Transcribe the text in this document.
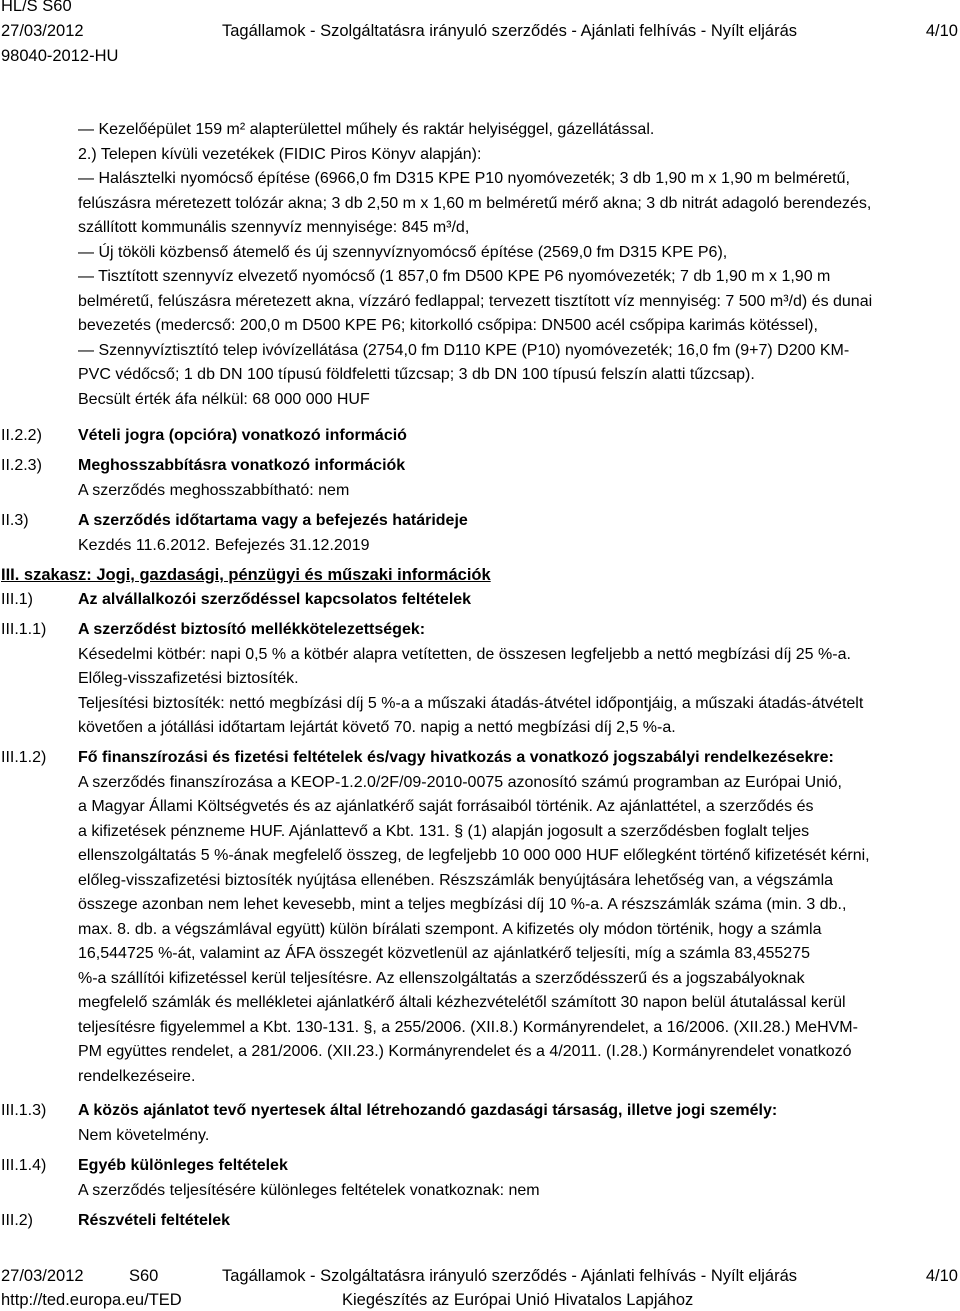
HL/S S60
27/03/2012	Tagállamok - Szolgáltatásra irányuló szerződés - Ajánlati felhívás - Nyílt eljárás	4/10
98040-2012-HU
— Kezelőépület 159 m² alapterülettel műhely és raktár helyiséggel, gázellátással.
2.) Telepen kívüli vezetékek (FIDIC Piros Könyv alapján):
— Halásztelki nyomócső építése (6966,0 fm D315 KPE P10 nyomóvezeték; 3 db 1,90 m x 1,90 m belméretű,
felúszásra méretezett tolózár akna; 3 db 2,50 m x 1,60 m belméretű mérő akna; 3 db nitrát adagoló berendezés,
szállított kommunális szennyvíz mennyisége: 845 m³/d,
— Új tököli közbenső átemelő és új szennyvíznyomócső építése (2569,0 fm D315 KPE P6),
— Tisztított szennyvíz elvezető nyomócső (1 857,0 fm D500 KPE P6 nyomóvezeték; 7 db 1,90 m x 1,90 m
belméretű, felúszásra méretezett akna, vízzáró fedlappal; tervezett tisztított víz mennyiség: 7 500 m³/d) és dunai
bevezetés (medercső: 200,0 m D500 KPE P6; kitorkolló csőpipa: DN500 acél csőpipa karimás kötéssel),
— Szennyvíztisztító telep ivóvízellátása (2754,0 fm D110 KPE (P10) nyomóvezeték; 16,0 fm (9+7) D200 KM-
PVC védőcső; 1 db DN 100 típusú földfeletti tűzcsap; 3 db DN 100 típusú felszín alatti tűzcsap).
Becsült érték áfa nélkül: 68 000 000 HUF
II.2.2) Vételi jogra (opcióra) vonatkozó információ
II.2.3) Meghosszabbításra vonatkozó információk
A szerződés meghosszabbítható: nem
II.3)	A szerződés időtartama vagy a befejezés határideje
Kezdés 11.6.2012. Befejezés 31.12.2019
III. szakasz: Jogi, gazdasági, pénzügyi és műszaki információk
III.1)	Az alvállalkozói szerződéssel kapcsolatos feltételek
III.1.1) A szerződést biztosító mellékkötelezettségek:
Késedelmi kötbér: napi 0,5 % a kötbér alapra vetítetten, de összesen legfeljebb a nettó megbízási díj 25 %-a.
Előleg-visszafizetési biztosíték.
Teljesítési biztosíték: nettó megbízási díj 5 %-a a műszaki átadás-átvétel időpontjáig, a műszaki átadás-átvételt
követően a jótállási időtartam lejártát követő 70. napig a nettó megbízási díj 2,5 %-a.
III.1.2) Fő finanszírozási és fizetési feltételek és/vagy hivatkozás a vonatkozó jogszabályi rendelkezésekre:
A szerződés finanszírozása a KEOP-1.2.0/2F/09-2010-0075 azonosító számú programban az Európai Unió,
a Magyar Állami Költségvetés és az ajánlatkérő saját forrásaiból történik. Az ajánlattétel, a szerződés és
a kifizetések pénzneme HUF. Ajánlattevő a Kbt. 131. § (1) alapján jogosult a szerződésben foglalt teljes
ellenszolgáltatás 5 %-ának megfelelő összeg, de legfeljebb 10 000 000 HUF előlegként történő kifizetését kérni,
előleg-visszafizetési biztosíték nyújtása ellenében. Részszámlák benyújtására lehetőség van, a végszámla
összege azonban nem lehet kevesebb, mint a teljes megbízási díj 10 %-a. A részszámlák száma (min. 3 db.,
max. 8. db. a végszámlával együtt) külön bírálati szempont. A kifizetés oly módon történik, hogy a számla
16,544725 %-át, valamint az ÁFA összegét közvetlenül az ajánlatkérő teljesíti, míg a számla 83,455275
%-a szállítói kifizetéssel kerül teljesítésre. Az ellenszolgáltatás a szerződésszerű és a jogszabályoknak
megfelelő számlák és mellékletei ajánlatkérő általi kézhezvételétől számított 30 napon belül átutalással kerül
teljesítésre figyelemmel a Kbt. 130-131. §, a 255/2006. (XII.8.) Kormányrendelet, a 16/2006. (XII.28.) MeHVM-
PM együttes rendelet, a 281/2006. (XII.23.) Kormányrendelet és a 4/2011. (I.28.) Kormányrendelet vonatkozó
rendelkezéseire.
III.1.3) A közös ajánlatot tevő nyertesek által létrehozandó gazdasági társaság, illetve jogi személy:
Nem követelmény.
III.1.4) Egyéb különleges feltételek
A szerződés teljesítésére különleges feltételek vonatkoznak: nem
III.2)	Részvételi feltételek
27/03/2012	S60	Tagállamok - Szolgáltatásra irányuló szerződés - Ajánlati felhívás - Nyílt eljárás	4/10
http://ted.europa.eu/TED	Kiegészítés az Európai Unió Hivatalos Lapjához
